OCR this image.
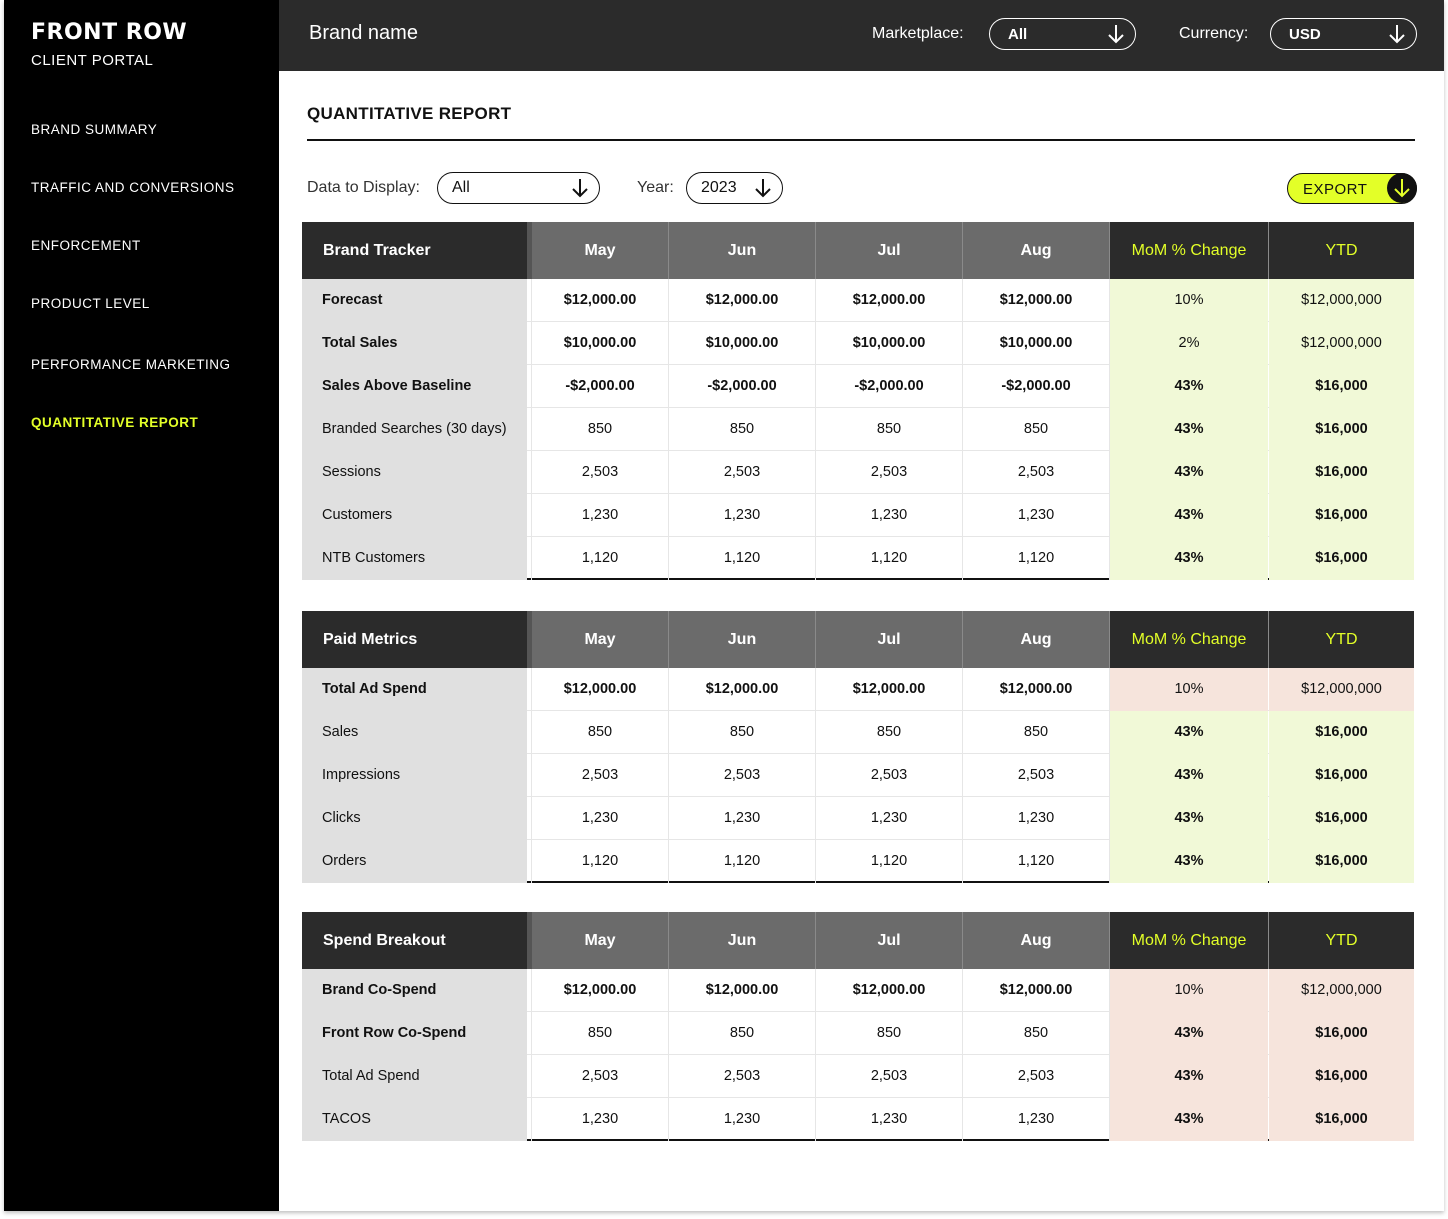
FRONT ROW
CLIENT PORTAL
BRAND SUMMARY
TRAFFIC AND CONVERSIONS
ENFORCEMENT
PRODUCT LEVEL
PERFORMANCE MARKETING
QUANTITATIVE REPORT
Brand name	Marketplace:	All	Currency:	USD
QUANTITATIVE REPORT
Data to Display:	All	Year:	2023	EXPORT
Brand Tracker	May	Jun	Jul	Aug	MoM % Change	YTD
Forecast	$12,000.00	$12,000.00	$12,000.00	$12,000.00	10%	$12,000,000
Total Sales	$10,000.00	$10,000.00	$10,000.00	$10,000.00	2%	$12,000,000
Sales Above Baseline	-$2,000.00	-$2,000.00	-$2,000.00	-$2,000.00	43%	$16,000
Branded Searches (30 days)	850	850	850	850	43%	$16,000
Sessions	2,503	2,503	2,503	2,503	43%	$16,000
Customers	1,230	1,230	1,230	1,230	43%	$16,000
NTB Customers	1,120	1,120	1,120	1,120	43%	$16,000
Paid Metrics	May	Jun	Jul	Aug	MoM % Change	YTD
Total Ad Spend	$12,000.00	$12,000.00	$12,000.00	$12,000.00	10%	$12,000,000
Sales	850	850	850	850	43%	$16,000
Impressions	2,503	2,503	2,503	2,503	43%	$16,000
Clicks	1,230	1,230	1,230	1,230	43%	$16,000
Orders	1,120	1,120	1,120	1,120	43%	$16,000
Spend Breakout	May	Jun	Jul	Aug	MoM % Change	YTD
Brand Co-Spend	$12,000.00	$12,000.00	$12,000.00	$12,000.00	10%	$12,000,000
Front Row Co-Spend	850	850	850	850	43%	$16,000
Total Ad Spend	2,503	2,503	2,503	2,503	43%	$16,000
TACOS	1,230	1,230	1,230	1,230	43%	$16,000
